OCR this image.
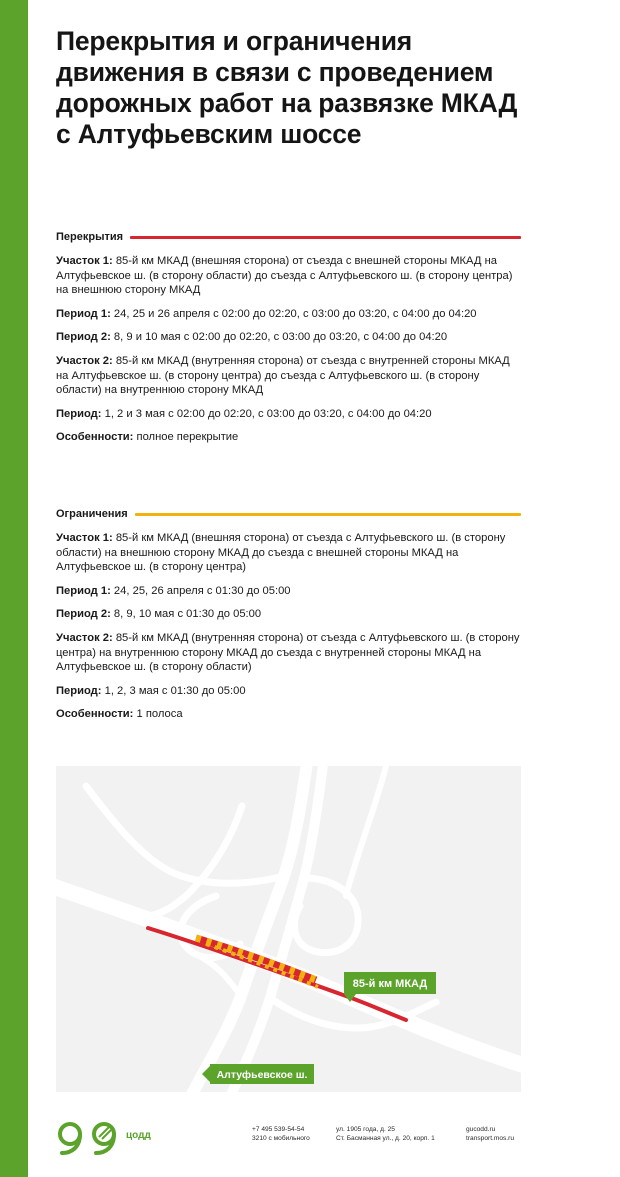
Перекрытия и ограничения движения в связи с проведением дорожных работ на развязке МКАД с Алтуфьевским шоссе
Перекрытия

Участок 1: 85-й км МКАД (внешняя сторона) от съезда с внешней стороны МКАД на Алтуфьевское ш. (в сторону области) до съезда с Алтуфьевского ш. (в сторону центра) на внешнюю сторону МКАД

Период 1: 24, 25 и 26 апреля с 02:00 до 02:20, с 03:00 до 03:20, с 04:00 до 04:20

Период 2: 8, 9 и 10 мая с 02:00 до 02:20, с 03:00 до 03:20, с 04:00 до 04:20

Участок 2: 85-й км МКАД (внутренняя сторона) от съезда с внутренней стороны МКАД на Алтуфьевское ш. (в сторону центра) до съезда с Алтуфьевского ш. (в сторону области) на внутреннюю сторону МКАД

Период: 1, 2 и 3 мая с 02:00 до 02:20, с 03:00 до 03:20, с 04:00 до 04:20

Особенности: полное перекрытие

Ограничения

Участок 1: 85-й км МКАД (внешняя сторона) от съезда с Алтуфьевского ш. (в сторону области) на внешнюю сторону МКАД до съезда с внешней стороны МКАД на Алтуфьевское ш. (в сторону центра)

Период 1: 24, 25, 26 апреля с 01:30 до 05:00

Период 2: 8, 9, 10 мая с 01:30 до 05:00

Участок 2: 85-й км МКАД (внутренняя сторона) от съезда с Алтуфьевского ш. (в сторону центра) на внутреннюю сторону МКАД до съезда с внутренней стороны МКАД на Алтуфьевское ш. (в сторону области)

Период: 1, 2, 3 мая с 01:30 до 05:00

Особенности: 1 полоса

85-й км МКАД
Алтуфьевское ш.
цодд
+7 495 539-54-54
3210 с мобильного
ул. 1905 года, д. 25
Ст. Басманная ул., д. 20, корп. 1
gucodd.ru
transport.mos.ru
